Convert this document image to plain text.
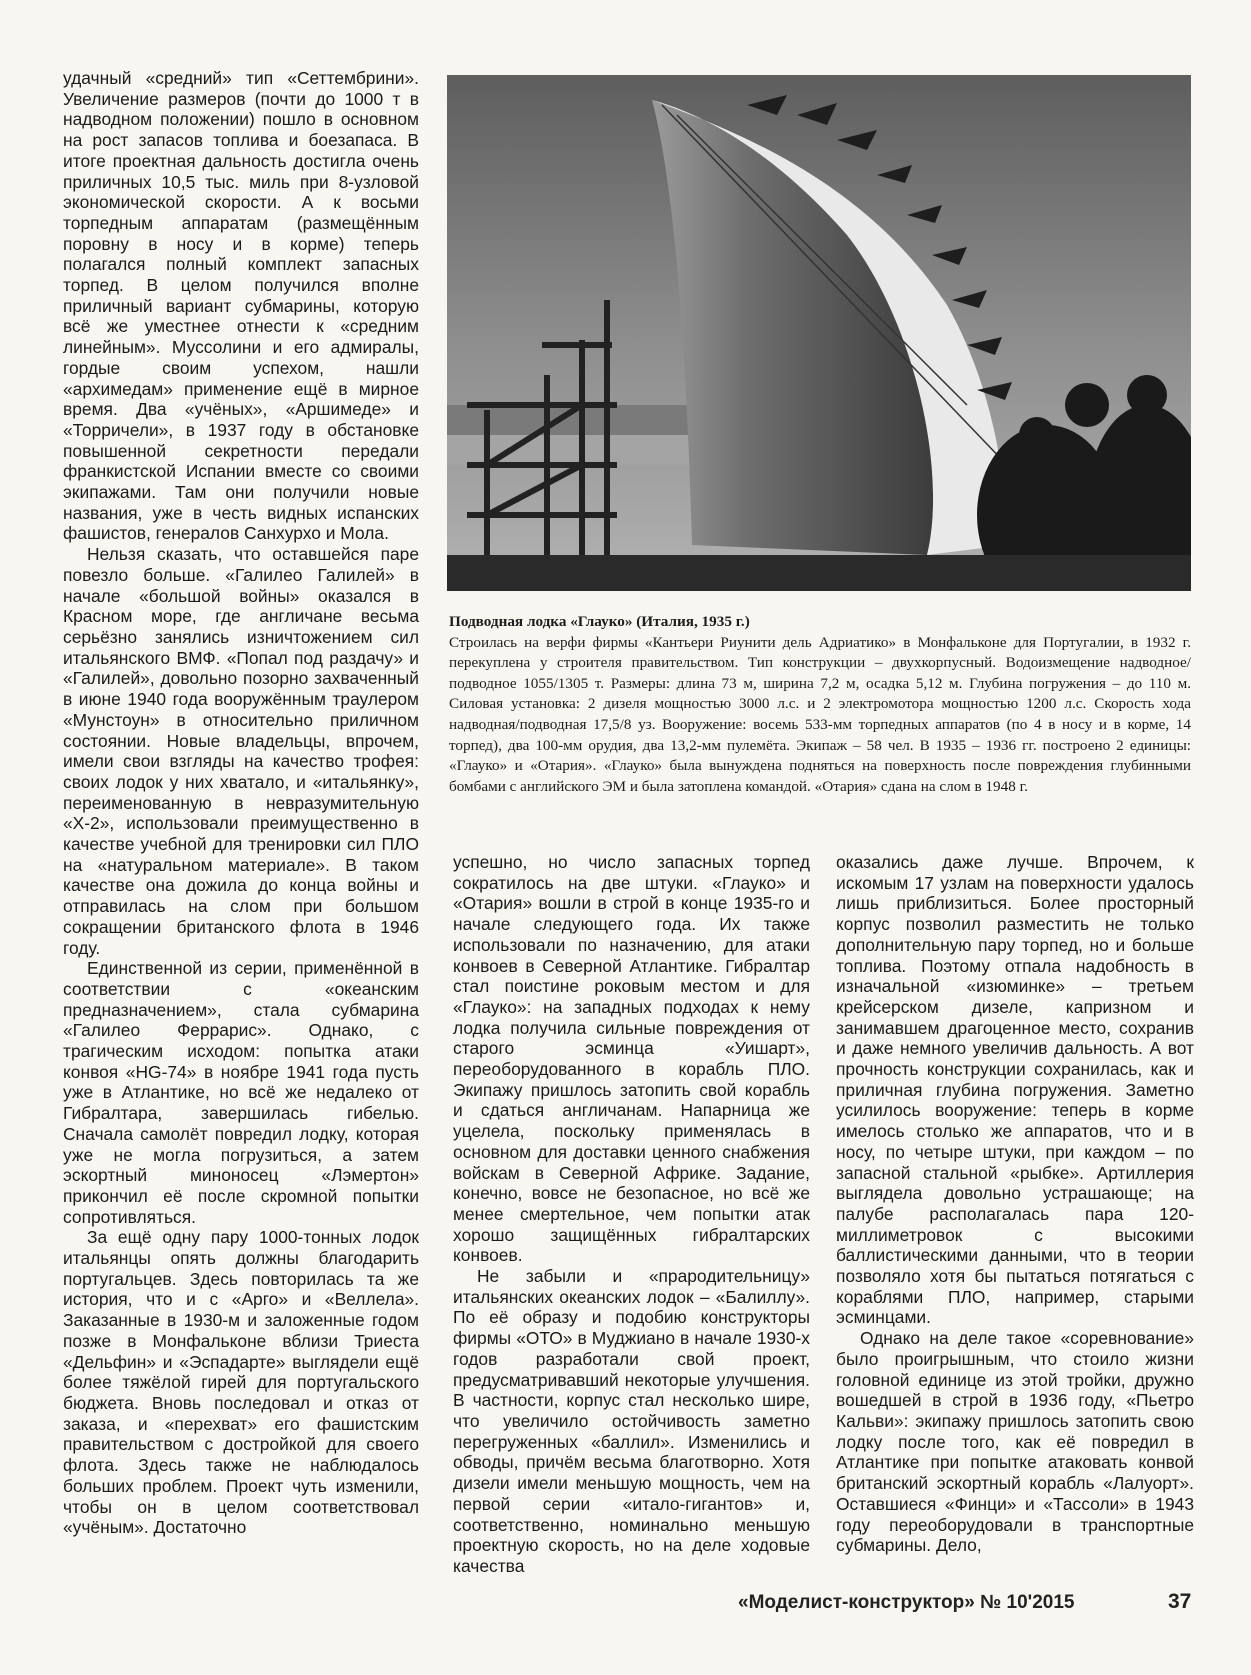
удачный «средний» тип «Сеттембрини». Увеличение размеров (почти до 1000 т в надводном положении) пошло в основном на рост запасов топлива и боезапаса. В итоге проектная дальность достигла очень приличных 10,5 тыс. миль при 8-узловой экономической скорости. А к восьми торпедным аппаратам (размещённым поровну в носу и в корме) теперь полагался полный комплект запасных торпед. В целом получился вполне приличный вариант субмарины, которую всё же уместнее отнести к «средним линейным». Муссолини и его адмиралы, гордые своим успехом, нашли «архимедам» применение ещё в мирное время. Два «учёных», «Аршимеде» и «Торричели», в 1937 году в обстановке повышенной секретности передали франкистской Испании вместе со своими экипажами. Там они получили новые названия, уже в честь видных испанских фашистов, генералов Санхурхо и Мола.

Нельзя сказать, что оставшейся паре повезло больше. «Галилео Галилей» в начале «большой войны» оказался в Красном море, где англичане весьма серьёзно занялись изничтожением сил итальянского ВМФ. «Попал под раздачу» и «Галилей», довольно позорно захваченный в июне 1940 года вооружённым траулером «Мунстоун» в относительно приличном состоянии. Новые владельцы, впрочем, имели свои взгляды на качество трофея: своих лодок у них хватало, и «итальянку», переименованную в невразумительную «Х-2», использовали преимущественно в качестве учебной для тренировки сил ПЛО на «натуральном материале». В таком качестве она дожила до конца войны и отправилась на слом при большом сокращении британского флота в 1946 году.

Единственной из серии, применённой в соответствии с «океанским предназначением», стала субмарина «Галилео Феррарис». Однако, с трагическим исходом: попытка атаки конвоя «HG-74» в ноябре 1941 года пусть уже в Атлантике, но всё же недалеко от Гибралтара, завершилась гибелью. Сначала самолёт повредил лодку, которая уже не могла погрузиться, а затем эскортный миноносец «Лэмертон» прикончил её после скромной попытки сопротивляться.

За ещё одну пару 1000-тонных лодок итальянцы опять должны благодарить португальцев. Здесь повторилась та же история, что и с «Арго» и «Веллела». Заказанные в 1930-м и заложенные годом позже в Монфальконе вблизи Триеста «Дельфин» и «Эспадарте» выглядели ещё более тяжёлой гирей для португальского бюджета. Вновь последовал и отказ от заказа, и «перехват» его фашистским правительством с достройкой для своего флота. Здесь также не наблюдалось больших проблем. Проект чуть изменили, чтобы он в целом соответствовал «учёным». Достаточно

Подводная лодка «Глауко» (Италия, 1935 г.)
Строилась на верфи фирмы «Кантьери Риунити дель Адриатико» в Монфальконе для Португалии, в 1932 г. перекуплена у строителя правительством. Тип конструкции – двухкорпусный. Водоизмещение надводное/подводное 1055/1305 т. Размеры: длина 73 м, ширина 7,2 м, осадка 5,12 м. Глубина погружения – до 110 м. Силовая установка: 2 дизеля мощностью 3000 л.с. и 2 электромотора мощностью 1200 л.с. Скорость хода надводная/подводная 17,5/8 уз. Вооружение: восемь 533-мм торпедных аппаратов (по 4 в носу и в корме, 14 торпед), два 100-мм орудия, два 13,2-мм пулемёта. Экипаж – 58 чел. В 1935 – 1936 гг. построено 2 единицы: «Глауко» и «Отария». «Глауко» была вынуждена подняться на поверхность после повреждения глубинными бомбами с английского ЭМ и была затоплена командой. «Отария» сдана на слом в 1948 г.

успешно, но число запасных торпед сократилось на две штуки. «Глауко» и «Отария» вошли в строй в конце 1935-го и начале следующего года. Их также использовали по назначению, для атаки конвоев в Северной Атлантике. Гибралтар стал поистине роковым местом и для «Глауко»: на западных подходах к нему лодка получила сильные повреждения от старого эсминца «Уишарт», переоборудованного в корабль ПЛО. Экипажу пришлось затопить свой корабль и сдаться англичанам. Напарница же уцелела, поскольку применялась в основном для доставки ценного снабжения войскам в Северной Африке. Задание, конечно, вовсе не безопасное, но всё же менее смертельное, чем попытки атак хорошо защищённых гибралтарских конвоев.

Не забыли и «прародительницу» итальянских океанских лодок – «Балиллу». По её образу и подобию конструкторы фирмы «ОТО» в Муджиано в начале 1930-х годов разработали свой проект, предусматривавший некоторые улучшения. В частности, корпус стал несколько шире, что увеличило остойчивость заметно перегруженных «баллил». Изменились и обводы, причём весьма благотворно. Хотя дизели имели меньшую мощность, чем на первой серии «итало-гигантов» и, соответственно, номинально меньшую проектную скорость, но на деле ходовые качества

оказались даже лучше. Впрочем, к искомым 17 узлам на поверхности удалось лишь приблизиться. Более просторный корпус позволил разместить не только дополнительную пару торпед, но и больше топлива. Поэтому отпала надобность в изначальной «изюминке» – третьем крейсерском дизеле, капризном и занимавшем драгоценное место, сохранив и даже немного увеличив дальность. А вот прочность конструкции сохранилась, как и приличная глубина погружения. Заметно усилилось вооружение: теперь в корме имелось столько же аппаратов, что и в носу, по четыре штуки, при каждом – по запасной стальной «рыбке». Артиллерия выглядела довольно устрашающе; на палубе располагалась пара 120-миллиметровок с высокими баллистическими данными, что в теории позволяло хотя бы пытаться потягаться с кораблями ПЛО, например, старыми эсминцами.

Однако на деле такое «соревнование» было проигрышным, что стоило жизни головной единице из этой тройки, дружно вошедшей в строй в 1936 году, «Пьетро Кальви»: экипажу пришлось затопить свою лодку после того, как её повредил в Атлантике при попытке атаковать конвой британский эскортный корабль «Лалуорт». Оставшиеся «Финци» и «Тассоли» в 1943 году переоборудовали в транспортные субмарины. Дело,

«Моделист-конструктор» № 10'2015	37
